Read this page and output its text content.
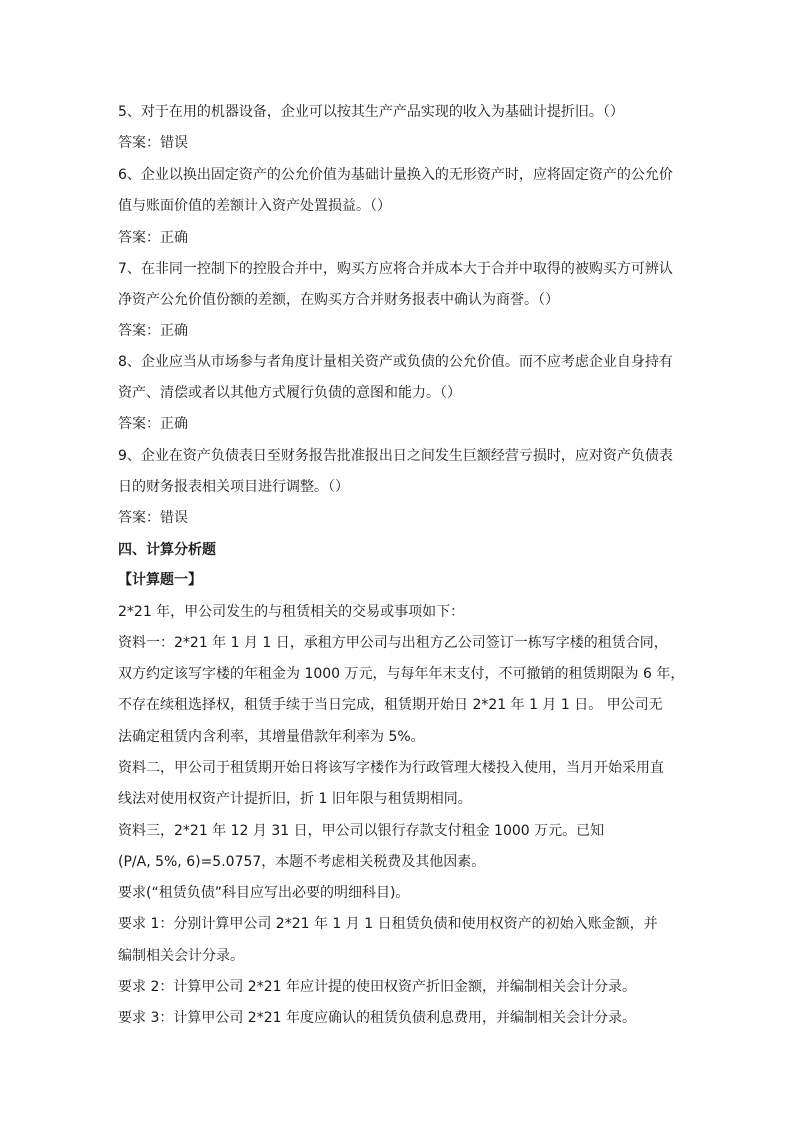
5、对于在用的机器设备，企业可以按其生产产品实现的收入为基础计提折旧。（）
答案：错误
6、企业以换出固定资产的公允价值为基础计量换入的无形资产时，应将固定资产的公允价
值与账面价值的差额计入资产处置损益。（）
答案：正确
7、在非同一控制下的控股合并中，购买方应将合并成本大于合并中取得的被购买方可辨认
净资产公允价值份额的差额，在购买方合并财务报表中确认为商誉。（）
答案：正确
8、企业应当从市场参与者角度计量相关资产或负债的公允价值。而不应考虑企业自身持有
资产、清偿或者以其他方式履行负债的意图和能力。（）
答案：正确
9、企业在资产负债表日至财务报告批准报出日之间发生巨额经营亏损时，应对资产负债表
日的财务报表相关项目进行调整。（）
答案：错误
四、计算分析题
【计算题一】
2*21 年，甲公司发生的与租赁相关的交易或事项如下：
资料一：2*21 年 1 月 1 日，承租方甲公司与出租方乙公司签订一栋写字楼的租赁合同，
双方约定该写字楼的年租金为 1000 万元，与每年年末支付，不可撤销的租赁期限为 6 年，
不存在续租选择权，租赁手续于当日完成，租赁期开始日 2*21 年 1 月 1 日。 甲公司无
法确定租赁内含利率，其增量借款年利率为 5%。
资料二，甲公司于租赁期开始日将该写字楼作为行政管理大楼投入使用，当月开始采用直
线法对使用权资产计提折旧，折 1 旧年限与租赁期相同。
资料三，2*21 年 12 月 31 日，甲公司以银行存款支付租金 1000 万元。已知
(P/A, 5%, 6)=5.0757，本题不考虑相关税费及其他因素。
要求(“租赁负债”科目应写出必要的明细科目)。
要求 1：分别计算甲公司 2*21 年 1 月 1 日租赁负债和使用权资产的初始入账金额，并
编制相关会计分录。
要求 2：计算甲公司 2*21 年应计提的使田权资产折旧金额，并编制相关会计分录。
要求 3：计算甲公司 2*21 年度应确认的租赁负债利息费用，并编制相关会计分录。
